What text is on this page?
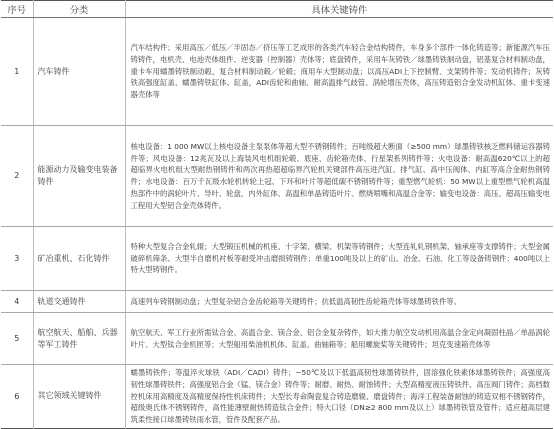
序号	分类	具体关键铸件
1	汽车铸件	汽车结构件；采用高压／低压／半固态／挤压等工艺成形的各类汽车轻合金结构铸件，车身多个部件一体化铸造等；新能源汽车压铸铸件，电机壳、电池壳体组件、逆变器（控制器）壳体等；底盘铸件，采用车灰铸铁／球墨铸铁制动盘，铝基复合材料制动盘，重卡车用蠕墨铸铁制动毂，复合材料制动毂／轮毂；商用车大型制动盘；以高压ADI上下控制臂、支架铸件等；发动机铸件；灰铸铁高强度缸盖、蠕墨铸铁缸体、缸盖，ADI齿轮和曲轴、耐高温排气歧管、涡轮增压壳体，高压铸造铝合金发动机缸体、重卡变速器壳体等
2	能源动力及输变电装备铸件	核电设备：1 000 MW以上核电设备主泵泵体等超大型不锈钢铸件；百吨级超大断面（≥500 mm）球墨铸铁核乏燃料储运容器铸件等；风电设备：12兆瓦及以上海装风电机组轮毂、底座、齿轮箱壳体、行星架系列铸件等；火电设备：耐高温620℃以上的超超临界火电机组大型耐热钢铸件和两次再热超超临界汽轮机关键部件高压进汽缸、排气缸、高中压阀体、内缸等高合金耐热钢铸件；水电设备：百万千瓦级水轮机转轮上冠、下环和叶片等超低碳不锈钢铸件等；重型燃气轮机：50 MW以上重型燃气轮机高温热部件中的涡轮叶片、导叶、轮盘、内外缸体、高温和单晶铸造叶片、燃烧喷嘴和高温合金等；输变电设备：高压、超高压输变电工程用大型铝合金壳体铸件。
3	矿冶重机、石化铸件	特种大型复合合金轧辊；大型锻压机械的机座、十字架、横梁、机架等铸钢件；大型连轧轧钢机架、轴承座等支撑铸件；大型金属破碎机筛条、大型半自磨机衬板等耐受冲击磨损铸钢件；单重100吨及以上的矿山、冶金、石油、化工等设备铸钢件；400吨以上特大型铸钢件。
4	轨道交通铸件	高速列车铸钢制动盘；大型复杂铝合金齿轮箱等关键铸件；抗低温高韧性齿轮箱壳体等球墨铸铁件等。
5	航空航天、船舶、兵器等军工铸件	航空航天、军工行业所需钛合金、高温合金、镁合金、铝合金复杂铸件，如大推力航空发动机用高温合金定向凝固柱晶／单晶涡轮叶片、大型钛合金机匣等；大型船用柴油机机体、缸盖、曲轴箱等；船用螺旋桨等关键铸件；坦克变速箱壳体等
6	其它领域关键铸件	蠕墨铸铁件；等温淬火球铁（ADI／CADI）铸件；−50℃及以下低温高韧性球墨铸铁件，固溶强化铁素体球墨铸铁件；高强度高韧性球墨铸铁件；高强度铝合金（锰、镁合金）铸件等；耐磨、耐热、耐蚀铸件；大型高精度液压铸铁件、高压阀门铸件；高档数控机床用高精度及高精度保持性机床铸件；大型长寿命陶瓷复合铸造磨辊、磨盘铸件；海洋工程装备耐蚀的铸造双相不锈钢铸件，超级奥氏体不锈钢铸件，高性能薄壁耐热铸造钛合金件；特大口径（DN≥2 800 mm及以上）球墨铸铁管及管件；适应超高层建筑柔性接口球墨铸铁雨水管，管件及配套产品。
